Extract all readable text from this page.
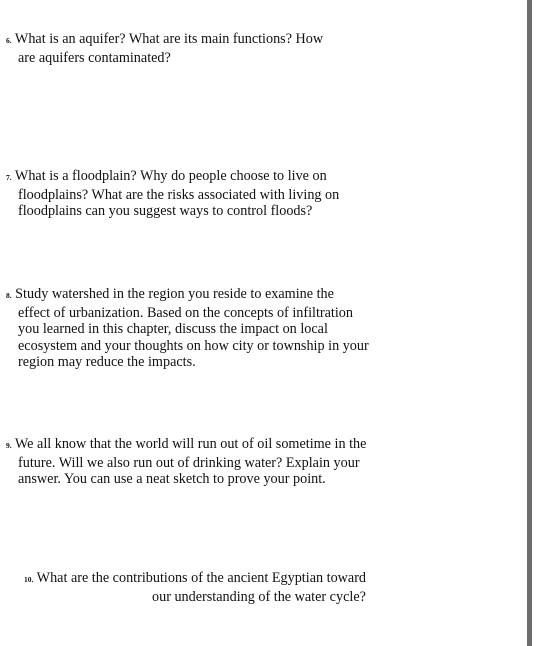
6. What is an aquifer? What are its main functions? How
are aquifers contaminated?
7. What is a floodplain? Why do people choose to live on
floodplains? What are the risks associated with living on
floodplains can you suggest ways to control floods?
8. Study watershed in the region you reside to examine the
effect of urbanization. Based on the concepts of infiltration
you learned in this chapter, discuss the impact on local
ecosystem and your thoughts on how city or township in your
region may reduce the impacts.
9. We all know that the world will run out of oil sometime in the
future. Will we also run out of drinking water? Explain your
answer. You can use a neat sketch to prove your point.
10. What are the contributions of the ancient Egyptian toward
our understanding of the water cycle?
